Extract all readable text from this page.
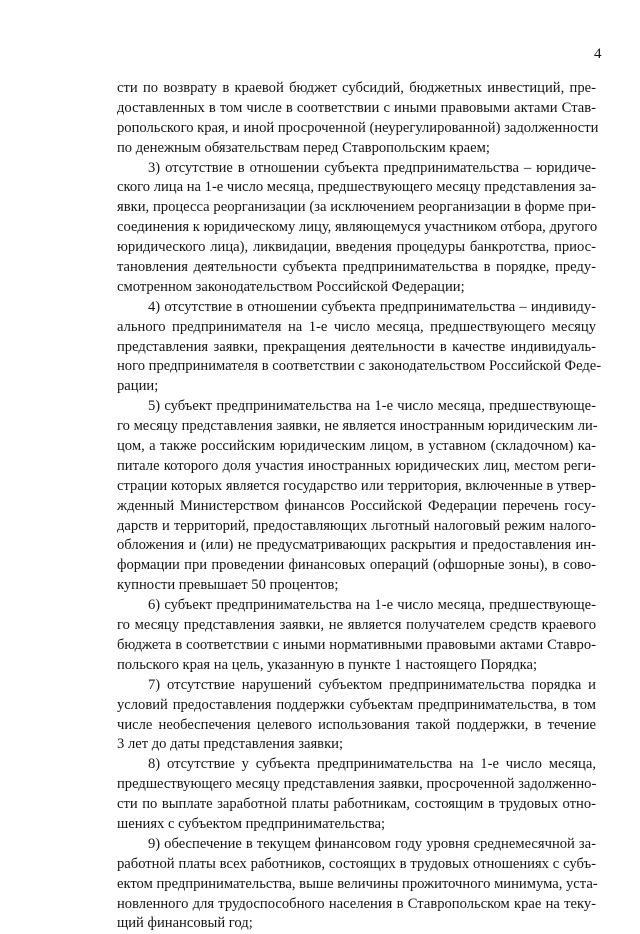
4
сти по возврату в краевой бюджет субсидий, бюджетных инвестиций, пре-
доставленных в том числе в соответствии с иными правовыми актами Став-
ропольского края, и иной просроченной (неурегулированной) задолженности
по денежным обязательствам перед Ставропольским краем;
3) отсутствие в отношении субъекта предпринимательства – юридиче-
ского лица на 1-е число месяца, предшествующего месяцу представления за-
явки, процесса реорганизации (за исключением реорганизации в форме при-
соединения к юридическому лицу, являющемуся участником отбора, другого
юридического лица), ликвидации, введения процедуры банкротства, приос-
тановления деятельности субъекта предпринимательства в порядке, преду-
смотренном законодательством Российской Федерации;
4) отсутствие в отношении субъекта предпринимательства – индивиду-
ального предпринимателя на 1-е число месяца, предшествующего месяцу
представления заявки, прекращения деятельности в качестве индивидуаль-
ного предпринимателя в соответствии с законодательством Российской Феде-
рации;
5) субъект предпринимательства на 1-е число месяца, предшествующе-
го месяцу представления заявки, не является иностранным юридическим ли-
цом, а также российским юридическим лицом, в уставном (складочном) ка-
питале которого доля участия иностранных юридических лиц, местом реги-
страции которых является государство или территория, включенные в утвер-
жденный Министерством финансов Российской Федерации перечень госу-
дарств и территорий, предоставляющих льготный налоговый режим налого-
обложения и (или) не предусматривающих раскрытия и предоставления ин-
формации при проведении финансовых операций (офшорные зоны), в сово-
купности превышает 50 процентов;
6) субъект предпринимательства на 1-е число месяца, предшествующе-
го месяцу представления заявки, не является получателем средств краевого
бюджета в соответствии с иными нормативными правовыми актами Ставро-
польского края на цель, указанную в пункте 1 настоящего Порядка;
7) отсутствие нарушений субъектом предпринимательства порядка и
условий предоставления поддержки субъектам предпринимательства, в том
числе необеспечения целевого использования такой поддержки, в течение
3 лет до даты представления заявки;
8) отсутствие у субъекта предпринимательства на 1-е число месяца,
предшествующего месяцу представления заявки, просроченной задолженно-
сти по выплате заработной платы работникам, состоящим в трудовых отно-
шениях с субъектом предпринимательства;
9) обеспечение в текущем финансовом году уровня среднемесячной за-
работной платы всех работников, состоящих в трудовых отношениях с субъ-
ектом предпринимательства, выше величины прожиточного минимума, уста-
новленного для трудоспособного населения в Ставропольском крае на теку-
щий финансовый год;
